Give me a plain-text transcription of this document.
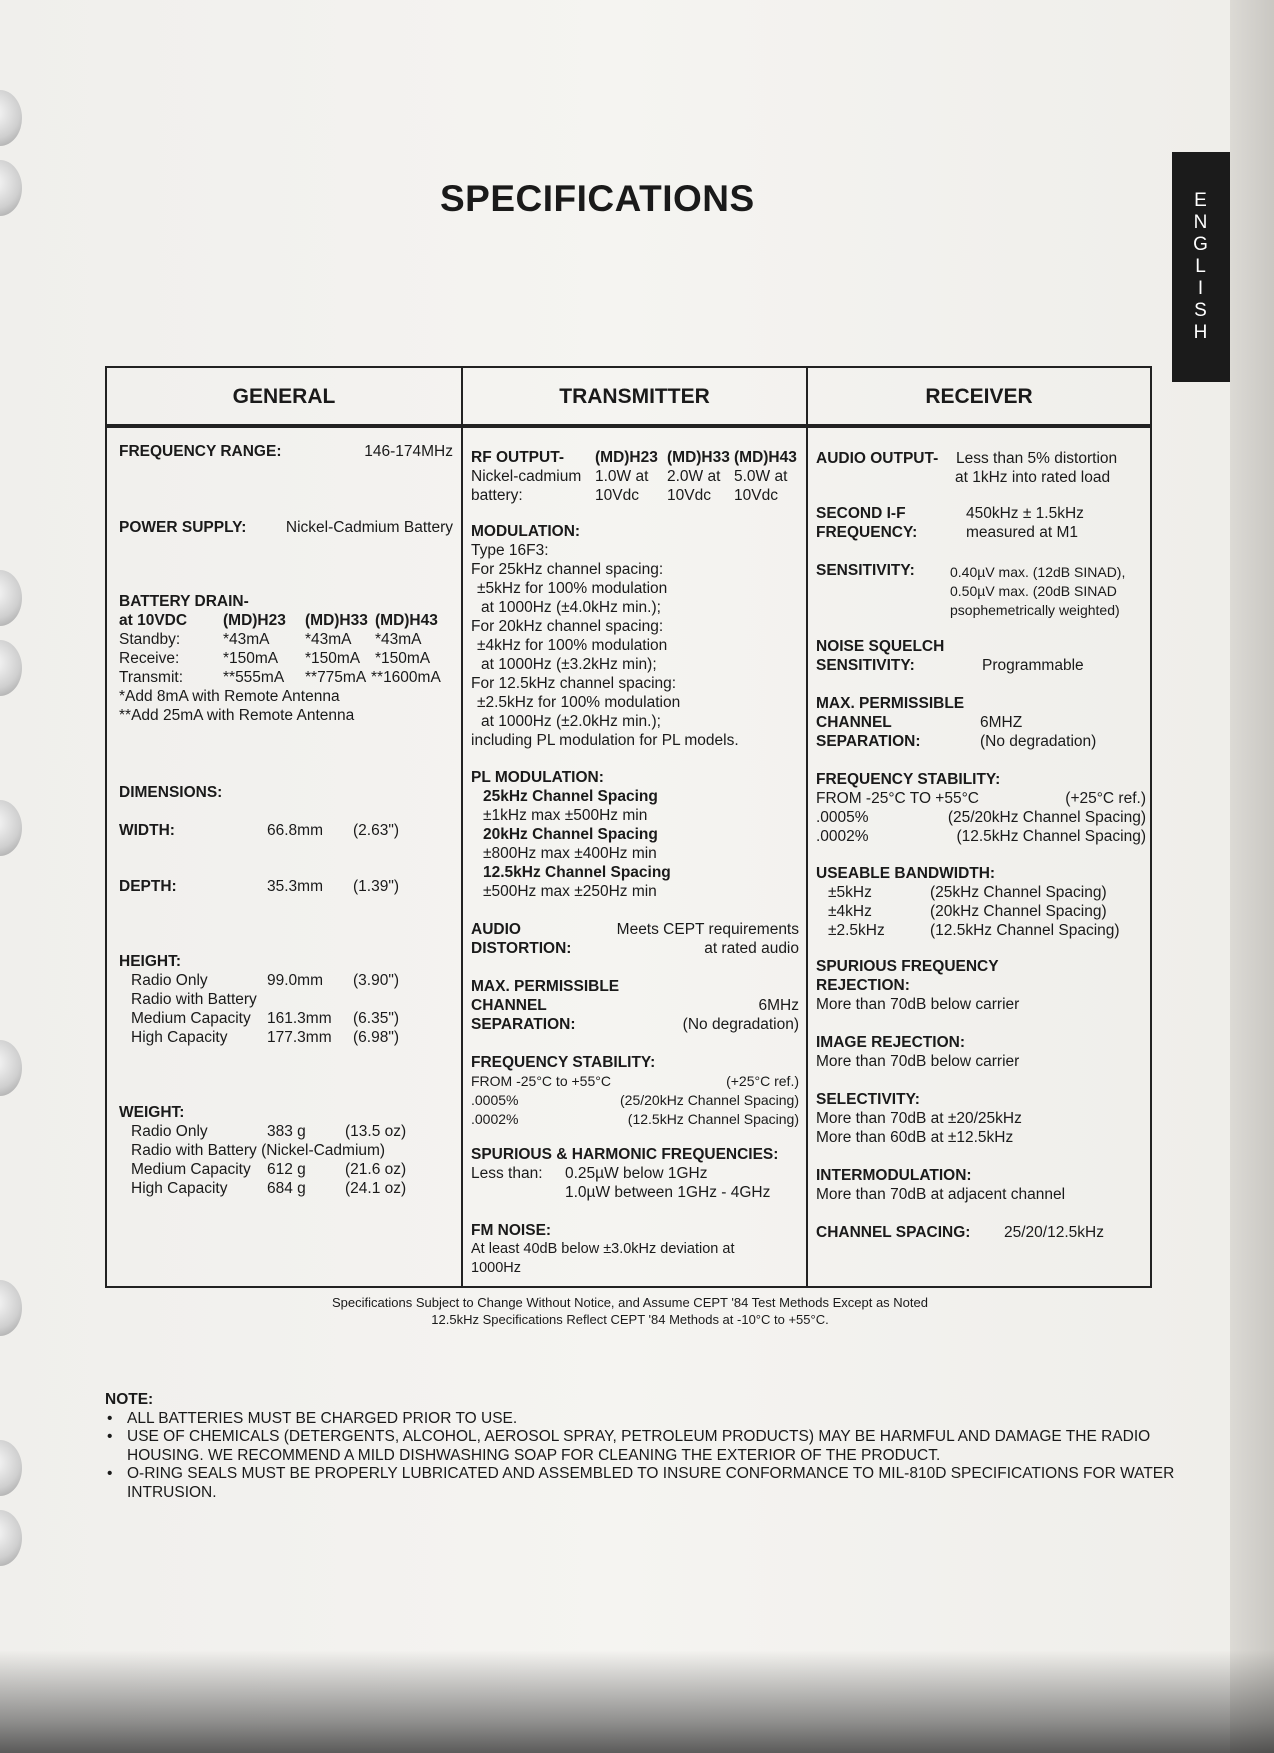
E
N
G
L
I
S
H
SPECIFICATIONS
GENERAL	TRANSMITTER	RECEIVER
FREQUENCY RANGE:	146-174MHz
POWER SUPPLY:	Nickel-Cadmium Battery
BATTERY DRAIN-
at 10VDC (MD)H23 (MD)H33 (MD)H43
Standby:	*43mA *43mA *43mA
Receive:	*150mA *150mA *150mA
Transmit:	**555mA **775mA **1600mA
*Add 8mA with Remote Antenna
**Add 25mA with Remote Antenna
DIMENSIONS:
WIDTH:	66.8mm (2.63")
DEPTH:	35.3mm (1.39")
HEIGHT:
Radio Only	99.0mm (3.90")
Radio with Battery
Medium Capacity 161.3mm (6.35")
High Capacity	177.3mm (6.98")
WEIGHT:
Radio Only	383 g	(13.5 oz)
Radio with Battery (Nickel-Cadmium)
Medium Capacity 612 g	(21.6 oz)
High Capacity	684 g	(24.1 oz)
RF OUTPUT- (MD)H23 (MD)H33 (MD)H43
Nickel-cadmium 1.0W at 2.0W at 5.0W at
battery:	10Vdc 10Vdc 10Vdc
MODULATION:
Type 16F3:
For 25kHz channel spacing:
±5kHz for 100% modulation
at 1000Hz (±4.0kHz min.);
For 20kHz channel spacing:
±4kHz for 100% modulation
at 1000Hz (±3.2kHz min);
For 12.5kHz channel spacing:
±2.5kHz for 100% modulation
at 1000Hz (±2.0kHz min.);
including PL modulation for PL models.
PL MODULATION:
25kHz Channel Spacing
±1kHz max ±500Hz min
20kHz Channel Spacing
±800Hz max ±400Hz min
12.5kHz Channel Spacing
±500Hz max ±250Hz min
AUDIO
DISTORTION:
Meets CEPT requirements
at rated audio
MAX. PERMISSIBLE
CHANNEL
SEPARATION:
6MHz
(No degradation)
FREQUENCY STABILITY:
FROM -25°C to +55°C	(+25°C ref.)
.0005%	(25/20kHz Channel Spacing)
.0002%	(12.5kHz Channel Spacing)
SPURIOUS & HARMONIC FREQUENCIES:
Less than: 0.25µW below 1GHz
1.0µW between 1GHz - 4GHz
FM NOISE:
At least 40dB below ±3.0kHz deviation at
1000Hz
AUDIO OUTPUT- Less than 5% distortion
at 1kHz into rated load
SECOND I-F
FREQUENCY:
450kHz ± 1.5kHz
measured at M1
SENSITIVITY:	0.40µV max. (12dB SINAD),
0.50µV max. (20dB SINAD
psophemetrically weighted)
NOISE SQUELCH
SENSITIVITY:	Programmable
MAX. PERMISSIBLE
CHANNEL
SEPARATION:
6MHZ
(No degradation)
FREQUENCY STABILITY:
FROM -25°C TO +55°C	(+25°C ref.)
.0005%	(25/20kHz Channel Spacing)
.0002%	(12.5kHz Channel Spacing)
USEABLE BANDWIDTH:
±5kHz	(25kHz Channel Spacing)
±4kHz	(20kHz Channel Spacing)
±2.5kHz	(12.5kHz Channel Spacing)
SPURIOUS FREQUENCY
REJECTION:
More than 70dB below carrier
IMAGE REJECTION:
More than 70dB below carrier
SELECTIVITY:
More than 70dB at ±20/25kHz
More than 60dB at ±12.5kHz
INTERMODULATION:
More than 70dB at adjacent channel
CHANNEL SPACING: 25/20/12.5kHz
Specifications Subject to Change Without Notice, and Assume CEPT '84 Test Methods Except as Noted
12.5kHz Specifications Reflect CEPT '84 Methods at -10°C to +55°C.
NOTE:
• ALL BATTERIES MUST BE CHARGED PRIOR TO USE.
• USE OF CHEMICALS (DETERGENTS, ALCOHOL, AEROSOL SPRAY, PETROLEUM PRODUCTS) MAY BE HARMFUL AND DAMAGE THE RADIO HOUSING. WE RECOMMEND A MILD DISHWASHING SOAP FOR CLEANING THE EXTERIOR OF THE PRODUCT.
• O-RING SEALS MUST BE PROPERLY LUBRICATED AND ASSEMBLED TO INSURE CONFORMANCE TO MIL-810D SPECIFICATIONS FOR WATER INTRUSION.
